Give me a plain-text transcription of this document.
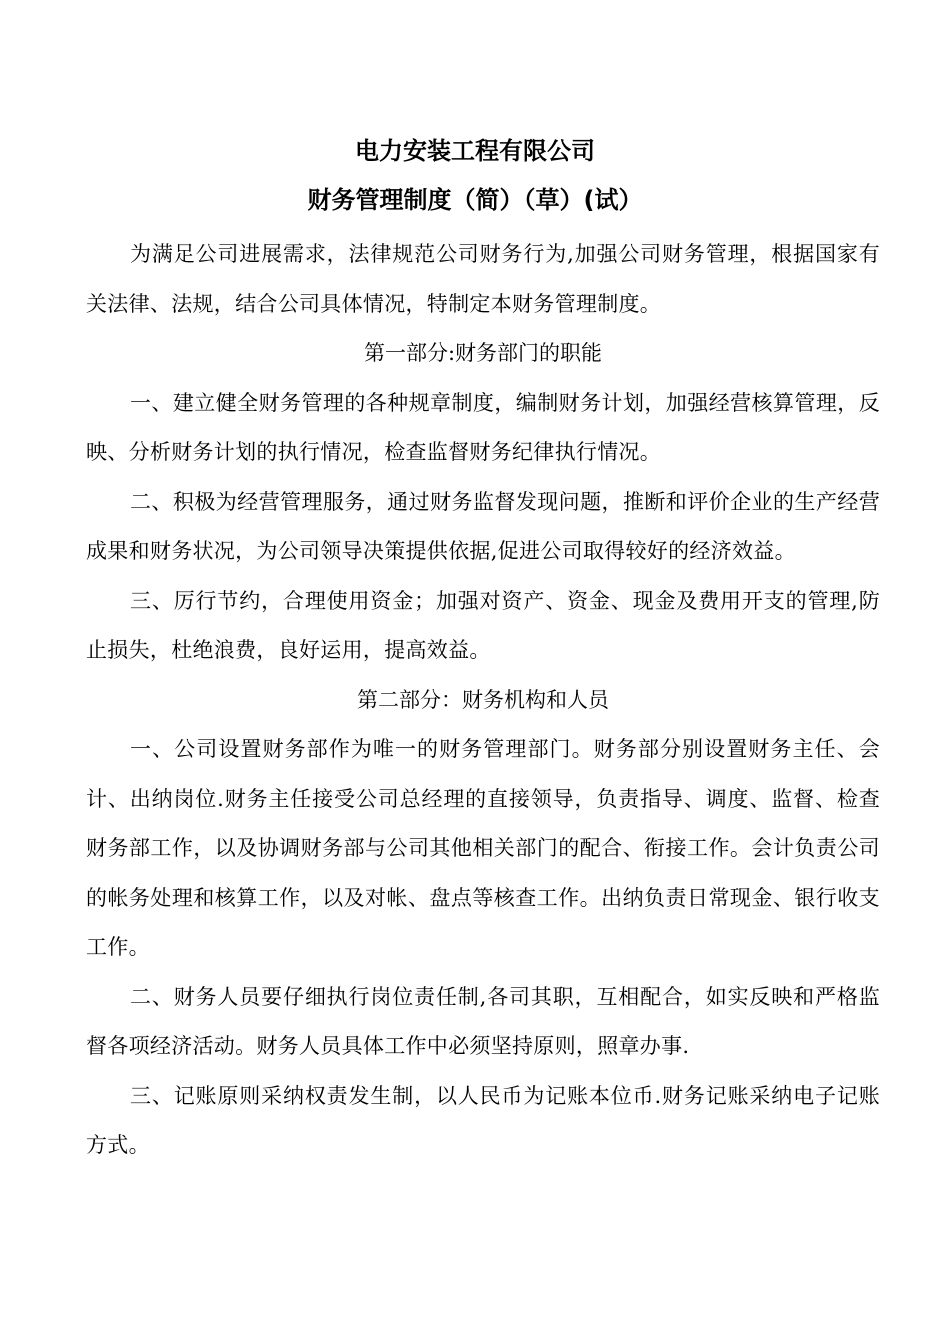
电力安装工程有限公司
财务管理制度（简）（草）(试）

为满足公司进展需求，法律规范公司财务行为,加强公司财务管理，根据国家有关法律、法规，结合公司具体情况，特制定本财务管理制度。

第一部分:财务部门的职能

一、建立健全财务管理的各种规章制度，编制财务计划，加强经营核算管理，反映、分析财务计划的执行情况，检查监督财务纪律执行情况。

二、积极为经营管理服务，通过财务监督发现问题，推断和评价企业的生产经营成果和财务状况，为公司领导决策提供依据,促进公司取得较好的经济效益。

三、厉行节约，合理使用资金；加强对资产、资金、现金及费用开支的管理,防止损失，杜绝浪费，良好运用，提高效益。

第二部分：财务机构和人员

一、公司设置财务部作为唯一的财务管理部门。财务部分别设置财务主任、会计、出纳岗位.财务主任接受公司总经理的直接领导，负责指导、调度、监督、检查财务部工作，以及协调财务部与公司其他相关部门的配合、衔接工作。会计负责公司的帐务处理和核算工作，以及对帐、盘点等核查工作。出纳负责日常现金、银行收支工作。

二、财务人员要仔细执行岗位责任制,各司其职，互相配合，如实反映和严格监督各项经济活动。财务人员具体工作中必须坚持原则，照章办事.

三、记账原则采纳权责发生制，以人民币为记账本位币.财务记账采纳电子记账方式。
